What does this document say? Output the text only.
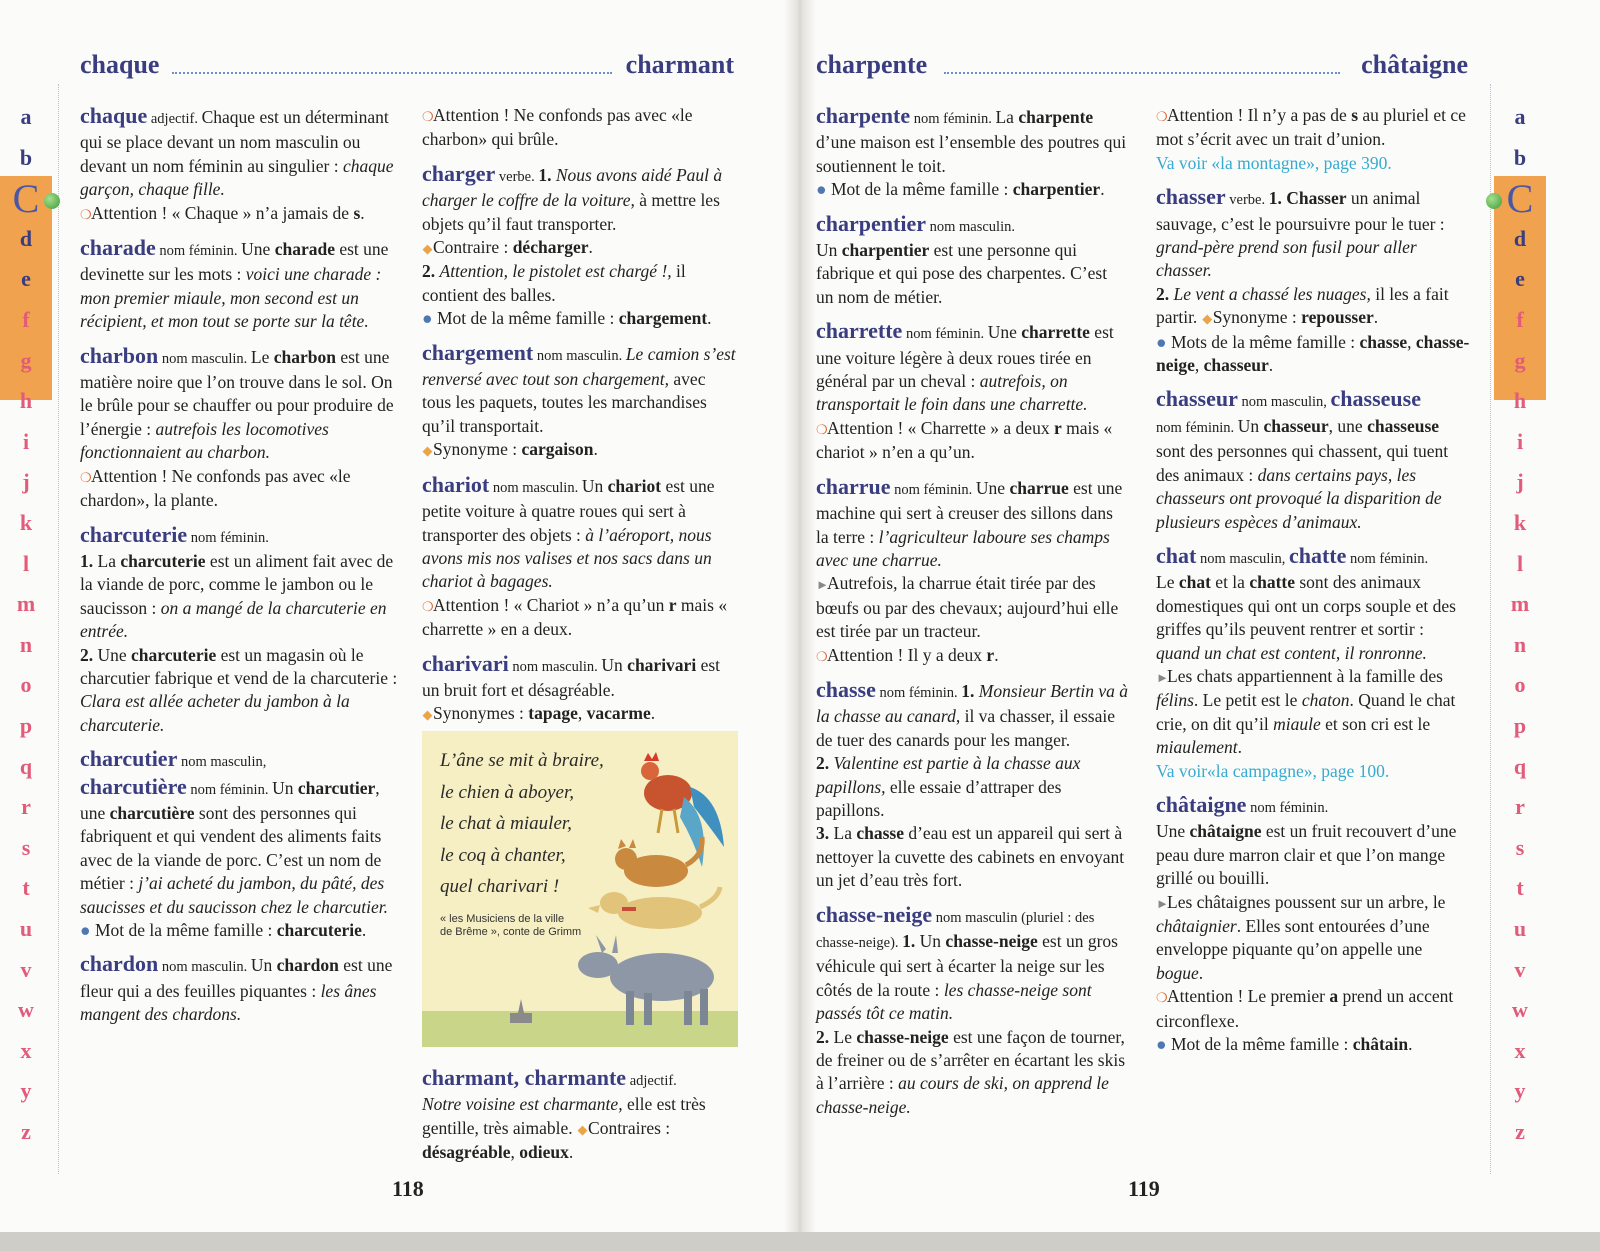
chaque	charmant
a
b
C
d
e
f
g
h
i
j
k
l
m
n
o
p
q
r
s
t
u
v
w
x
y
z
chaque adjectif. Chaque est un déterminant qui se place devant un nom masculin ou devant un nom féminin au singulier : chaque garçon, chaque fille.
❍Attention ! « Chaque » n’a jamais de s.
charade nom féminin. Une charade est une devinette sur les mots : voici une charade : mon premier miaule, mon second est un récipient, et mon tout se porte sur la tête.
charbon nom masculin. Le charbon est une matière noire que l’on trouve dans le sol. On le brûle pour se chauffer ou pour produire de l’énergie : autrefois les locomotives fonctionnaient au charbon.
❍Attention ! Ne confonds pas avec «le chardon», la plante.
charcuterie nom féminin.
1. La charcuterie est un aliment fait avec de la viande de porc, comme le jambon ou le saucisson : on a mangé de la charcuterie en entrée.
2. Une charcuterie est un magasin où le charcutier fabrique et vend de la charcuterie : Clara est allée acheter du jambon à la charcuterie.
charcutier nom masculin,
charcutière nom féminin. Un charcutier, une charcutière sont des personnes qui fabriquent et qui vendent des aliments faits avec de la viande de porc. C’est un nom de métier : j’ai acheté du jambon, du pâté, des saucisses et du saucisson chez le charcutier.
● Mot de la même famille : charcuterie.
chardon nom masculin. Un chardon est une fleur qui a des feuilles piquantes : les ânes mangent des chardons.
❍Attention ! Ne confonds pas avec «le charbon» qui brûle.
charger verbe. 1. Nous avons aidé Paul à charger le coffre de la voiture, à mettre les objets qu’il faut transporter.
◆Contraire : décharger.
2. Attention, le pistolet est chargé !, il contient des balles.
● Mot de la même famille : chargement.
chargement nom masculin. Le camion s’est renversé avec tout son chargement, avec tous les paquets, toutes les marchandises qu’il transportait.
◆Synonyme : cargaison.
chariot nom masculin. Un chariot est une petite voiture à quatre roues qui sert à transporter des objets : à l’aéroport, nous avons mis nos valises et nos sacs dans un chariot à bagages.
❍Attention ! « Chariot » n’a qu’un r mais « charrette » en a deux.
charivari nom masculin. Un charivari est un bruit fort et désagréable.
◆Synonymes : tapage, vacarme.
charmant, charmante adjectif.
Notre voisine est charmante, elle est très gentille, très aimable. ◆Contraires : désagréable, odieux.
L’âne se mit à braire,
le chien à aboyer,
le chat à miauler,
le coq à chanter,
quel charivari !
« les Musiciens de la ville
de Brême », conte de Grimm
118
charpente	châtaigne
a
b
C
d
e
f
g
h
i
j
k
l
m
n
o
p
q
r
s
t
u
v
w
x
y
z
charpente nom féminin. La charpente d’une maison est l’ensemble des poutres qui soutiennent le toit.
● Mot de la même famille : charpentier.
charpentier nom masculin.
Un charpentier est une personne qui fabrique et qui pose des charpentes. C’est un nom de métier.
charrette nom féminin. Une charrette est une voiture légère à deux roues tirée en général par un cheval : autrefois, on transportait le foin dans une charrette.
❍Attention ! « Charrette » a deux r mais « chariot » n’en a qu’un.
charrue nom féminin. Une charrue est une machine qui sert à creuser des sillons dans la terre : l’agriculteur laboure ses champs avec une charrue.
►Autrefois, la charrue était tirée par des bœufs ou par des chevaux; aujourd’hui elle est tirée par un tracteur.
❍Attention ! Il y a deux r.
chasse nom féminin. 1. Monsieur Bertin va à la chasse au canard, il va chasser, il essaie de tuer des canards pour les manger.
2. Valentine est partie à la chasse aux papillons, elle essaie d’attraper des papillons.
3. La chasse d’eau est un appareil qui sert à nettoyer la cuvette des cabinets en envoyant un jet d’eau très fort.
chasse-neige nom masculin (pluriel : des chasse-neige). 1. Un chasse-neige est un gros véhicule qui sert à écarter la neige sur les côtés de la route : les chasse-neige sont passés tôt ce matin.
2. Le chasse-neige est une façon de tourner, de freiner ou de s’arrêter en écartant les skis à l’arrière : au cours de ski, on apprend le chasse-neige.
❍Attention ! Il n’y a pas de s au pluriel et ce mot s’écrit avec un trait d’union.
Va voir «la montagne», page 390.
chasser verbe. 1. Chasser un animal sauvage, c’est le poursuivre pour le tuer : grand-père prend son fusil pour aller chasser.
2. Le vent a chassé les nuages, il les a fait partir. ◆Synonyme : repousser.
● Mots de la même famille : chasse, chasse-neige, chasseur.
chasseur nom masculin, chasseuse
nom féminin. Un chasseur, une chasseuse sont des personnes qui chassent, qui tuent des animaux : dans certains pays, les chasseurs ont provoqué la disparition de plusieurs espèces d’animaux.
chat nom masculin, chatte nom féminin.
Le chat et la chatte sont des animaux domestiques qui ont un corps souple et des griffes qu’ils peuvent rentrer et sortir : quand un chat est content, il ronronne.
►Les chats appartiennent à la famille des félins. Le petit est le chaton. Quand le chat crie, on dit qu’il miaule et son cri est le miaulement.
Va voir«la campagne», page 100.
châtaigne nom féminin.
Une châtaigne est un fruit recouvert d’une peau dure marron clair et que l’on mange grillé ou bouilli.
►Les châtaignes poussent sur un arbre, le châtaignier. Elles sont entourées d’une enveloppe piquante qu’on appelle une bogue.
❍Attention ! Le premier a prend un accent circonflexe.
● Mot de la même famille : châtain.
119
